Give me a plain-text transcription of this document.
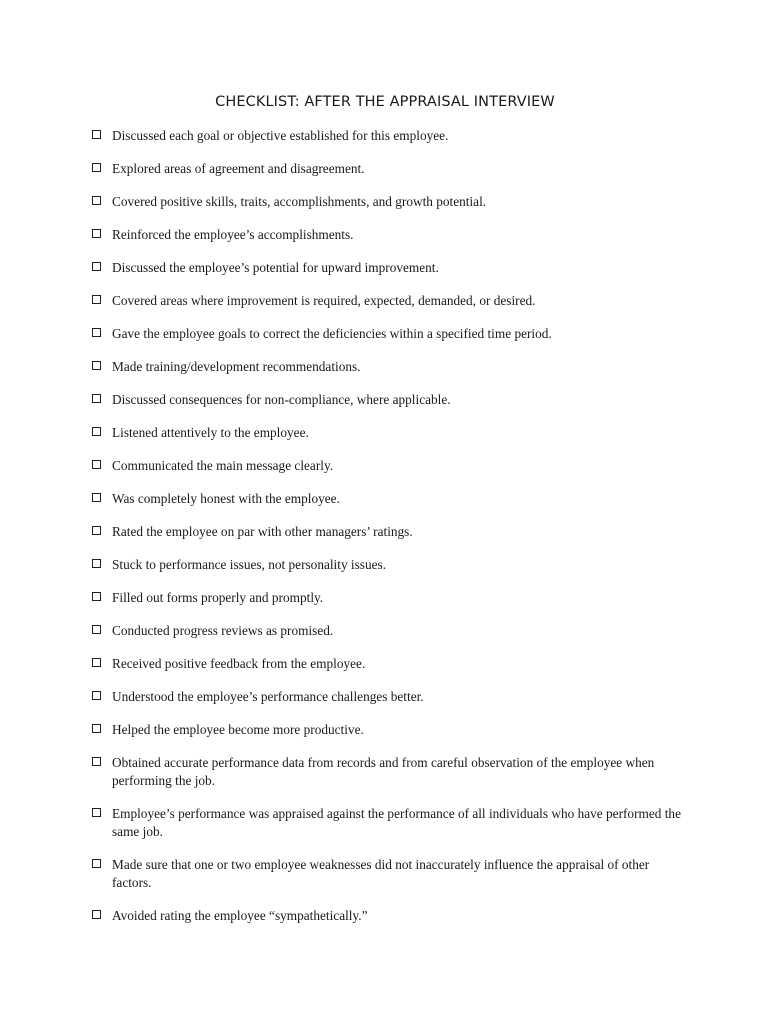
CHECKLIST: AFTER THE APPRAISAL INTERVIEW
Discussed each goal or objective established for this employee.
Explored areas of agreement and disagreement.
Covered positive skills, traits, accomplishments, and growth potential.
Reinforced the employee’s accomplishments.
Discussed the employee’s potential for upward improvement.
Covered areas where improvement is required, expected, demanded, or desired.
Gave the employee goals to correct the deficiencies within a specified time period.
Made training/development recommendations.
Discussed consequences for non-compliance, where applicable.
Listened attentively to the employee.
Communicated the main message clearly.
Was completely honest with the employee.
Rated the employee on par with other managers’ ratings.
Stuck to performance issues, not personality issues.
Filled out forms properly and promptly.
Conducted progress reviews as promised.
Received positive feedback from the employee.
Understood the employee’s performance challenges better.
Helped the employee become more productive.
Obtained accurate performance data from records and from careful observation of the employee when performing the job.
Employee’s performance was appraised against the performance of all individuals who have performed the same job.
Made sure that one or two employee weaknesses did not inaccurately influence the appraisal of other factors.
Avoided rating the employee “sympathetically.”
